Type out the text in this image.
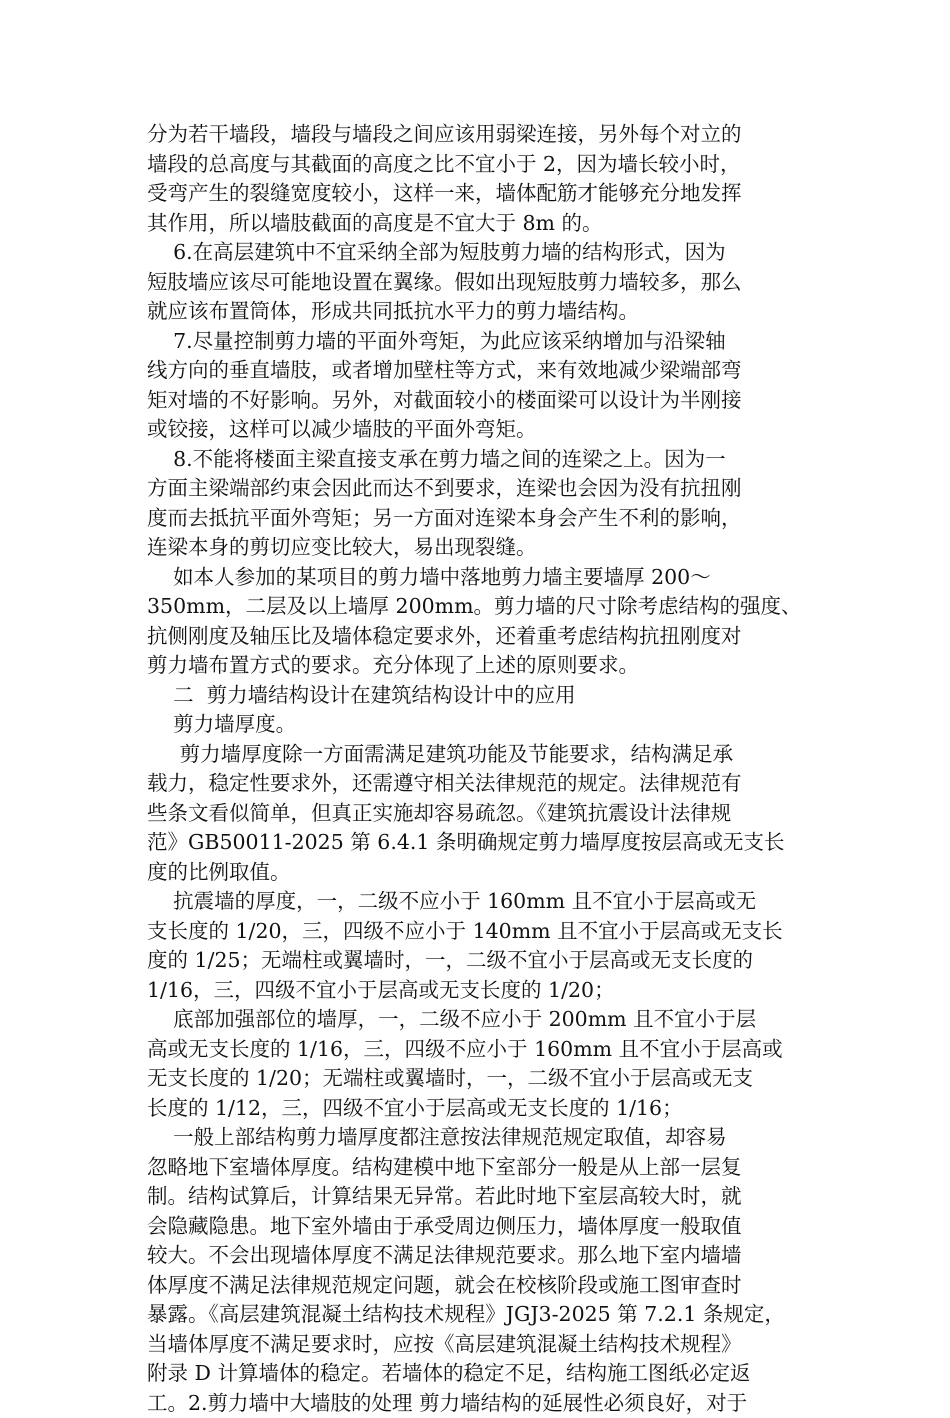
分为若干墙段，墙段与墙段之间应该用弱梁连接，另外每个对立的
墙段的总高度与其截面的高度之比不宜小于 2，因为墙长较小时，
受弯产生的裂缝宽度较小，这样一来，墙体配筋才能够充分地发挥
其作用，所以墙肢截面的高度是不宜大于 8m 的。
6.在高层建筑中不宜采纳全部为短肢剪力墙的结构形式，因为
短肢墙应该尽可能地设置在翼缘。假如出现短肢剪力墙较多，那么
就应该布置筒体，形成共同抵抗水平力的剪力墙结构。
7.尽量控制剪力墙的平面外弯矩，为此应该采纳增加与沿梁轴
线方向的垂直墙肢，或者增加壁柱等方式，来有效地减少梁端部弯
矩对墙的不好影响。另外，对截面较小的楼面梁可以设计为半刚接
或铰接，这样可以减少墙肢的平面外弯矩。
8.不能将楼面主梁直接支承在剪力墙之间的连梁之上。因为一
方面主梁端部约束会因此而达不到要求，连梁也会因为没有抗扭刚
度而去抵抗平面外弯矩；另一方面对连梁本身会产生不利的影响，
连梁本身的剪切应变比较大，易出现裂缝。
如本人参加的某项目的剪力墙中落地剪力墙主要墙厚 200～
350mm，二层及以上墙厚 200mm。剪力墙的尺寸除考虑结构的强度、
抗侧刚度及轴压比及墙体稳定要求外，还着重考虑结构抗扭刚度对
剪力墙布置方式的要求。充分体现了上述的原则要求。
二  剪力墙结构设计在建筑结构设计中的应用
剪力墙厚度。
剪力墙厚度除一方面需满足建筑功能及节能要求，结构满足承
载力，稳定性要求外，还需遵守相关法律规范的规定。法律规范有
些条文看似简单，但真正实施却容易疏忽。《建筑抗震设计法律规
范》GB50011-2025 第 6.4.1 条明确规定剪力墙厚度按层高或无支长
度的比例取值。
抗震墙的厚度，一，二级不应小于 160mm 且不宜小于层高或无
支长度的 1/20，三，四级不应小于 140mm 且不宜小于层高或无支长
度的 1/25；无端柱或翼墙时，一，二级不宜小于层高或无支长度的
1/16，三，四级不宜小于层高或无支长度的 1/20；
底部加强部位的墙厚，一，二级不应小于 200mm 且不宜小于层
高或无支长度的 1/16，三，四级不应小于 160mm 且不宜小于层高或
无支长度的 1/20；无端柱或翼墙时，一，二级不宜小于层高或无支
长度的 1/12，三，四级不宜小于层高或无支长度的 1/16；
一般上部结构剪力墙厚度都注意按法律规范规定取值，却容易
忽略地下室墙体厚度。结构建模中地下室部分一般是从上部一层复
制。结构试算后，计算结果无异常。若此时地下室层高较大时，就
会隐藏隐患。地下室外墙由于承受周边侧压力，墙体厚度一般取值
较大。不会出现墙体厚度不满足法律规范要求。那么地下室内墙墙
体厚度不满足法律规范规定问题，就会在校核阶段或施工图审查时
暴露。《高层建筑混凝土结构技术规程》JGJ3-2025 第 7.2.1 条规定，
当墙体厚度不满足要求时，应按《高层建筑混凝土结构技术规程》
附录 D 计算墙体的稳定。若墙体的稳定不足，结构施工图纸必定返
工。2.剪力墙中大墙肢的处理 剪力墙结构的延展性必须良好，对于
